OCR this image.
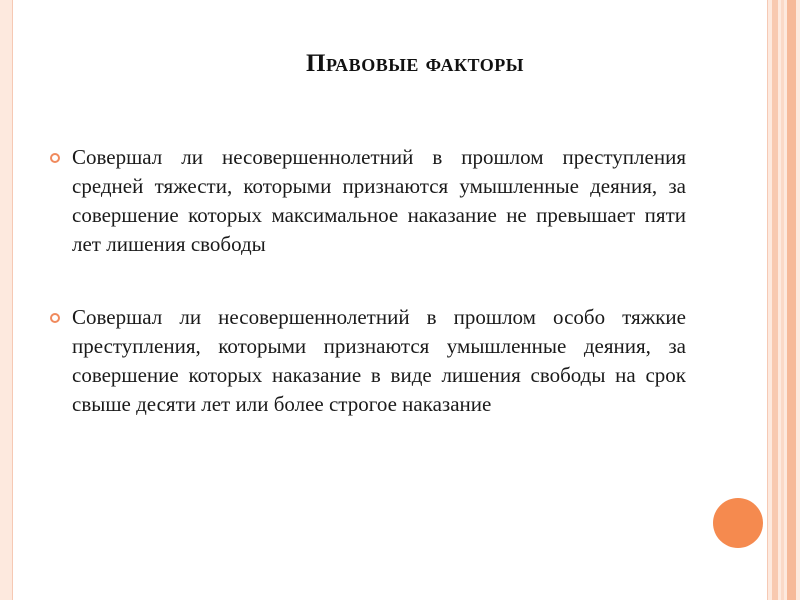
Правовые факторы
Совершал ли несовершеннолетний в прошлом преступления средней тяжести, которыми признаются умышленные деяния, за совершение которых максимальное наказание не превышает пяти лет лишения свободы
Совершал ли несовершеннолетний в прошлом особо тяжкие преступления, которыми признаются умышленные деяния, за совершение которых наказание в виде лишения свободы на срок свыше десяти лет или более строгое наказание
